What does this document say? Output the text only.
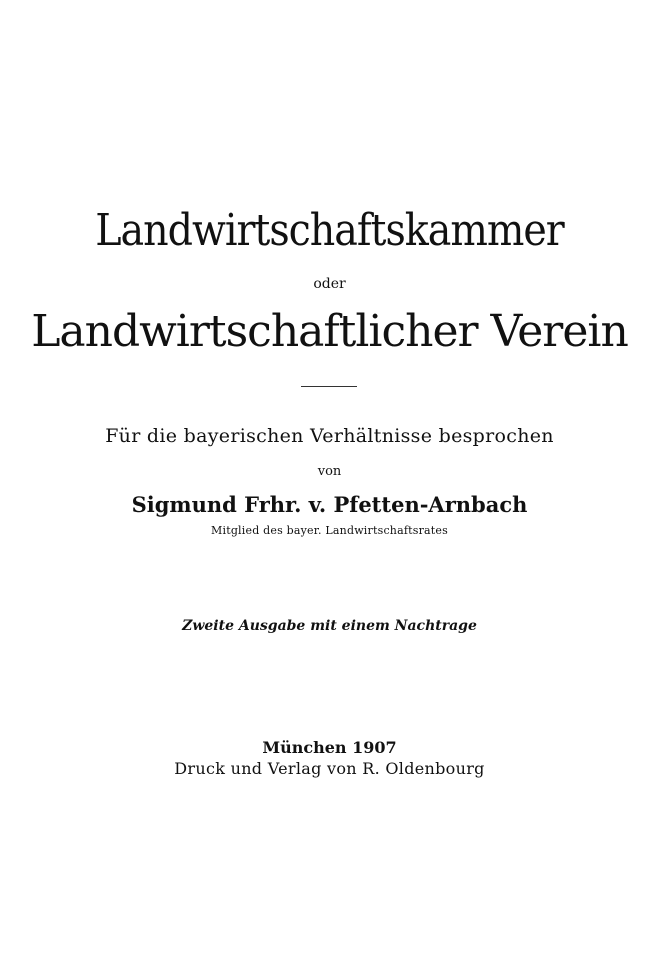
Landwirtschaftskammer
oder
Landwirtschaftlicher Verein
Für die bayerischen Verhältnisse besprochen
von
Sigmund Frhr. v. Pfetten-Arnbach
Mitglied des bayer. Landwirtschaftsrates
Zweite Ausgabe mit einem Nachtrage
München 1907
Druck und Verlag von R. Oldenbourg
